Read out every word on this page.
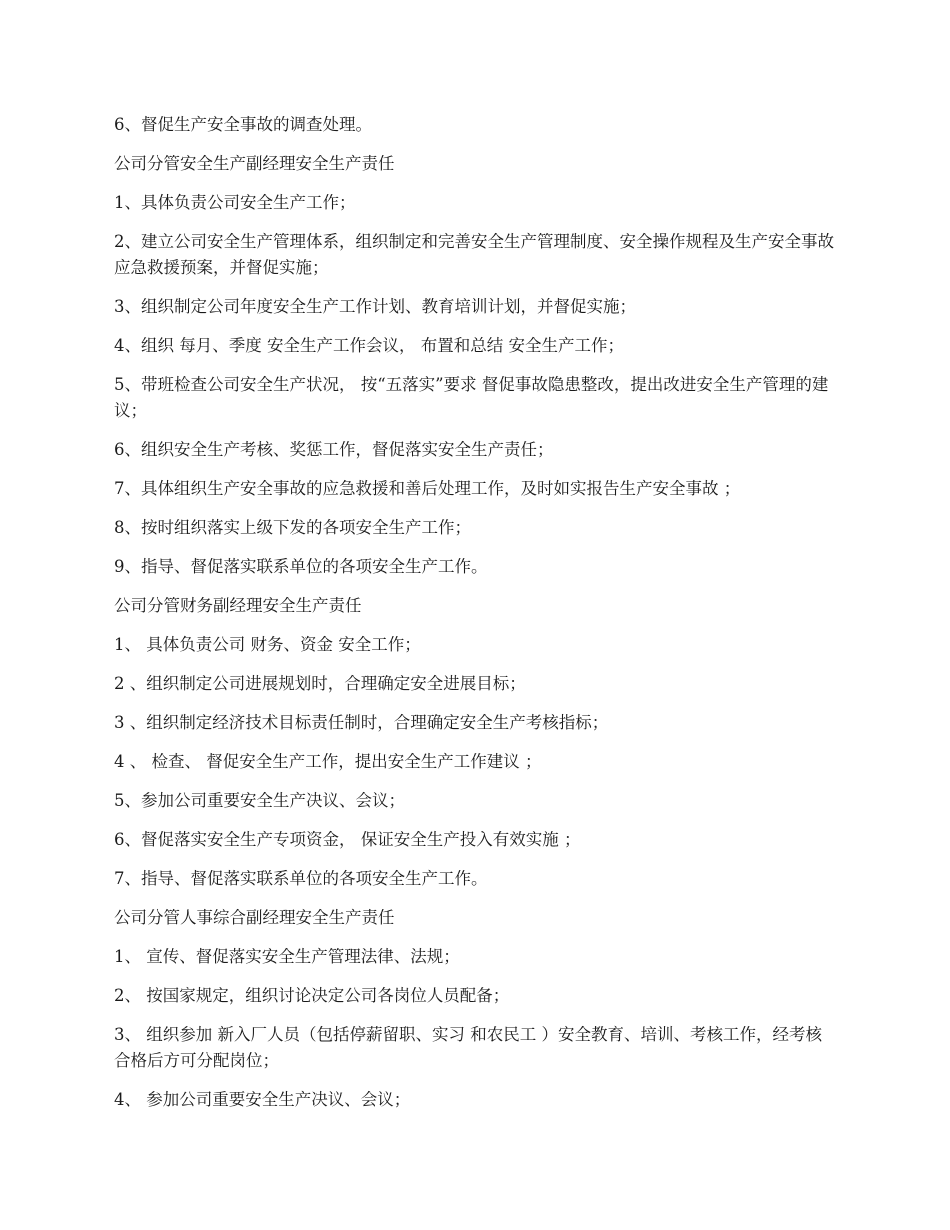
6、督促生产安全事故的调查处理。

公司分管安全生产副经理安全生产责任

1、具体负责公司安全生产工作；

2、建立公司安全生产管理体系，组织制定和完善安全生产管理制度、安全操作规程及生产安全事故应急救援预案，并督促实施；

3、组织制定公司年度安全生产工作计划、教育培训计划，并督促实施；

4、组织 每月、季度 安全生产工作会议， 布置和总结 安全生产工作；

5、带班检查公司安全生产状况， 按“五落实”要求 督促事故隐患整改，提出改进安全生产管理的建议；

6、组织安全生产考核、奖惩工作，督促落实安全生产责任；

7、具体组织生产安全事故的应急救援和善后处理工作，及时如实报告生产安全事故 ；

8、按时组织落实上级下发的各项安全生产工作；

9、指导、督促落实联系单位的各项安全生产工作。

公司分管财务副经理安全生产责任

1、 具体负责公司 财务、资金 安全工作；

2 、组织制定公司进展规划时，合理确定安全进展目标；

3 、组织制定经济技术目标责任制时，合理确定安全生产考核指标；

4 、 检查、 督促安全生产工作，提出安全生产工作建议 ；

5、参加公司重要安全生产决议、会议；

6、督促落实安全生产专项资金， 保证安全生产投入有效实施 ；

7、指导、督促落实联系单位的各项安全生产工作。

公司分管人事综合副经理安全生产责任

1、 宣传、督促落实安全生产管理法律、法规；

2、 按国家规定，组织讨论决定公司各岗位人员配备；

3、 组织参加 新入厂人员（包括停薪留职、实习 和农民工 ）安全教育、培训、考核工作，经考核合格后方可分配岗位；

4、 参加公司重要安全生产决议、会议；
